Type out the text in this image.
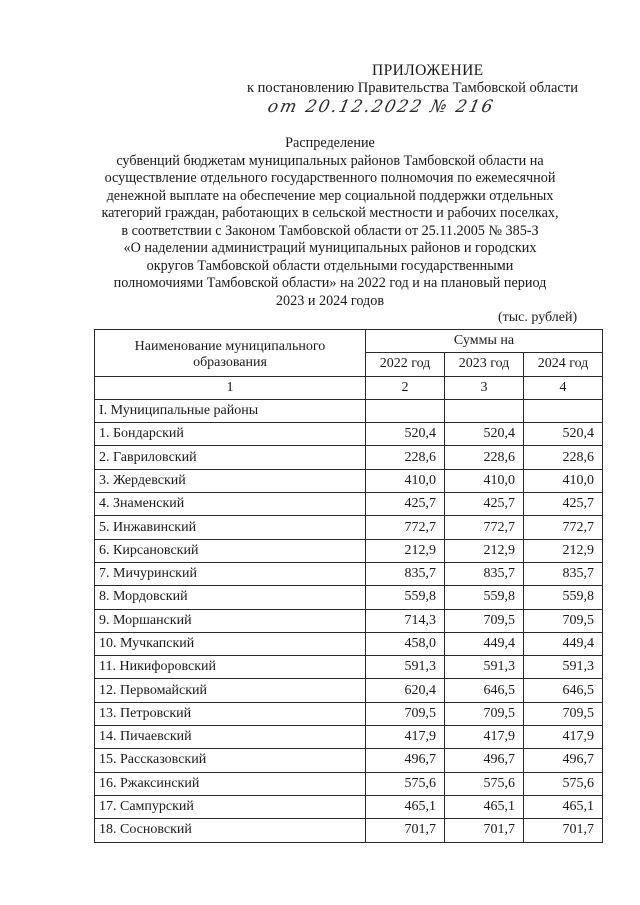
ПРИЛОЖЕНИЕ
к постановлению Правительства Тамбовской области
от 20.12.2022 № 216
Распределение
субвенций бюджетам муниципальных районов Тамбовской области на
осуществление отдельного государственного полномочия по ежемесячной
денежной выплате на обеспечение мер социальной поддержки отдельных
категорий граждан, работающих в сельской местности и рабочих поселках,
в соответствии с Законом Тамбовской области от 25.11.2005 № 385-З
«О наделении администраций муниципальных районов и городских
округов Тамбовской области отдельными государственными
полномочиями Тамбовской области» на 2022 год и на плановый период
2023 и 2024 годов
(тыс. рублей)
Наименование муниципального образования	Суммы на		
	2022 год	2023 год	2024 год
1	2	3	4
I. Муниципальные районы			
1. Бондарский	520,4	520,4	520,4
2. Гавриловский	228,6	228,6	228,6
3. Жердевский	410,0	410,0	410,0
4. Знаменский	425,7	425,7	425,7
5. Инжавинский	772,7	772,7	772,7
6. Кирсановский	212,9	212,9	212,9
7. Мичуринский	835,7	835,7	835,7
8. Мордовский	559,8	559,8	559,8
9. Моршанский	714,3	709,5	709,5
10. Мучкапский	458,0	449,4	449,4
11. Никифоровский	591,3	591,3	591,3
12. Первомайский	620,4	646,5	646,5
13. Петровский	709,5	709,5	709,5
14. Пичаевский	417,9	417,9	417,9
15. Рассказовский	496,7	496,7	496,7
16. Ржаксинский	575,6	575,6	575,6
17. Сампурский	465,1	465,1	465,1
18. Сосновский	701,7	701,7	701,7
